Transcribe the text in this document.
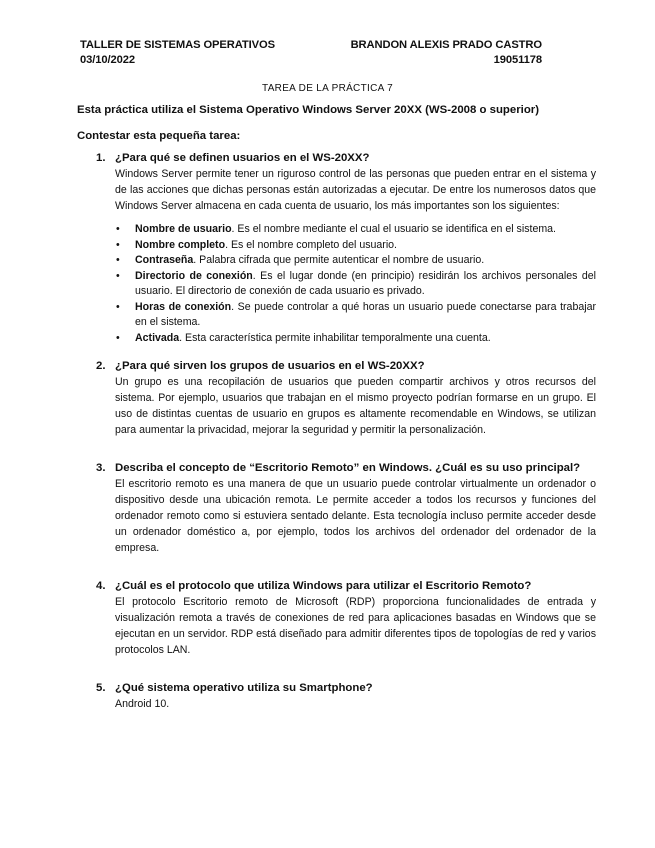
TALLER DE SISTEMAS OPERATIVOS
03/10/2022
BRANDON ALEXIS PRADO CASTRO
19051178
TAREA DE LA PRÁCTICA 7
Esta práctica utiliza el Sistema Operativo Windows Server 20XX (WS-2008 o superior)
Contestar esta pequeña tarea:
1. ¿Para qué se definen usuarios en el WS-20XX?
Windows Server permite tener un riguroso control de las personas que pueden entrar en el sistema y de las acciones que dichas personas están autorizadas a ejecutar. De entre los numerosos datos que Windows Server almacena en cada cuenta de usuario, los más importantes son los siguientes:
• Nombre de usuario. Es el nombre mediante el cual el usuario se identifica en el sistema.
• Nombre completo. Es el nombre completo del usuario.
• Contraseña. Palabra cifrada que permite autenticar el nombre de usuario.
• Directorio de conexión. Es el lugar donde (en principio) residirán los archivos personales del usuario. El directorio de conexión de cada usuario es privado.
• Horas de conexión. Se puede controlar a qué horas un usuario puede conectarse para trabajar en el sistema.
• Activada. Esta característica permite inhabilitar temporalmente una cuenta.
2. ¿Para qué sirven los grupos de usuarios en el WS-20XX?
Un grupo es una recopilación de usuarios que pueden compartir archivos y otros recursos del sistema. Por ejemplo, usuarios que trabajan en el mismo proyecto podrían formarse en un grupo. El uso de distintas cuentas de usuario en grupos es altamente recomendable en Windows, se utilizan para aumentar la privacidad, mejorar la seguridad y permitir la personalización.
3. Describa el concepto de “Escritorio Remoto” en Windows. ¿Cuál es su uso principal?
El escritorio remoto es una manera de que un usuario puede controlar virtualmente un ordenador o dispositivo desde una ubicación remota. Le permite acceder a todos los recursos y funciones del ordenador remoto como si estuviera sentado delante. Esta tecnología incluso permite acceder desde un ordenador doméstico a, por ejemplo, todos los archivos del ordenador del ordenador de la empresa.
4. ¿Cuál es el protocolo que utiliza Windows para utilizar el Escritorio Remoto?
El protocolo Escritorio remoto de Microsoft (RDP) proporciona funcionalidades de entrada y visualización remota a través de conexiones de red para aplicaciones basadas en Windows que se ejecutan en un servidor. RDP está diseñado para admitir diferentes tipos de topologías de red y varios protocolos LAN.
5. ¿Qué sistema operativo utiliza su Smartphone?
Android 10.
